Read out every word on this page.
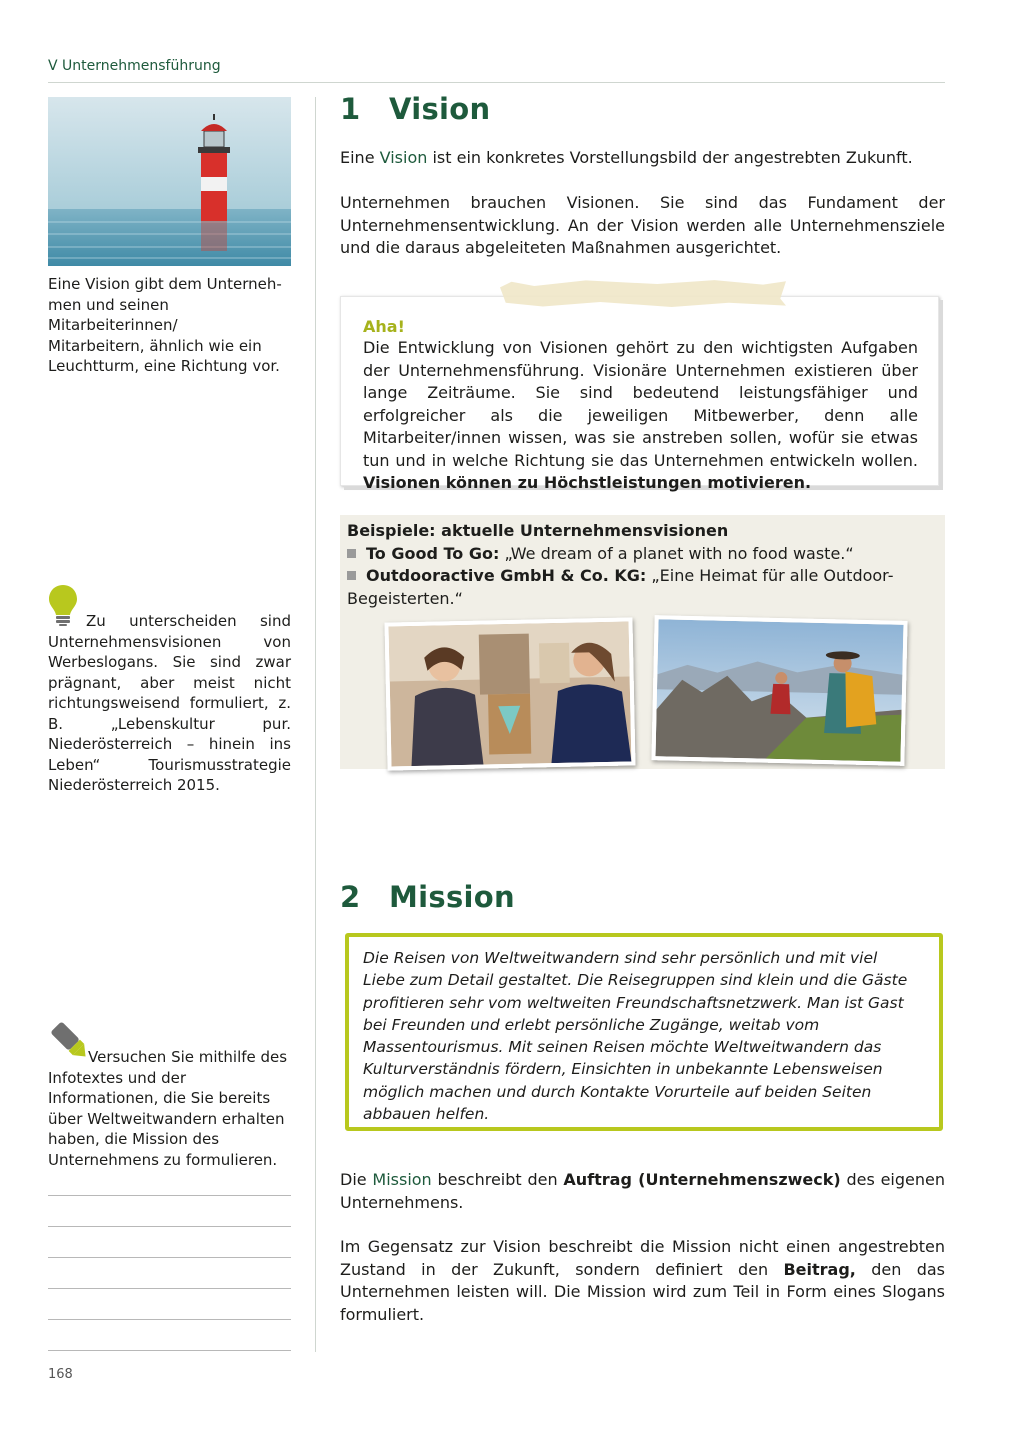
V Unternehmensführung
Eine Vision gibt dem Unterneh-
men und seinen Mitarbeiterinnen/
Mitarbeitern, ähnlich wie ein
Leuchtturm, eine Richtung vor.
Zu unterscheiden sind Unternehmensvisionen von Werbeslogans. Sie sind zwar prägnant, aber meist nicht richtungsweisend formuliert, z. B. „Lebenskultur pur. Niederösterreich – hinein ins Leben“ Tourismusstrategie Niederösterreich 2015.
Versuchen Sie mithilfe des Infotextes und der Informationen, die Sie bereits über Weltweitwandern erhalten haben, die Mission des Unternehmens zu formulieren.
1 Vision
Eine Vision ist ein konkretes Vorstellungsbild der angestrebten Zukunft.
Unternehmen brauchen Visionen. Sie sind das Fundament der Unternehmensentwicklung. An der Vision werden alle Unternehmensziele und die daraus abgeleiteten Maßnahmen ausgerichtet.
Aha!
Die Entwicklung von Visionen gehört zu den wichtigsten Aufgaben der Unternehmensführung. Visionäre Unternehmen existieren über lange Zeiträume. Sie sind bedeutend leistungsfähiger und erfolgreicher als die jeweiligen Mitbewerber, denn alle Mitarbeiter/innen wissen, was sie anstreben sollen, wofür sie etwas tun und in welche Richtung sie das Unternehmen entwickeln wollen. Visionen können zu Höchstleistungen motivieren.
Beispiele: aktuelle Unternehmensvisionen
To Good To Go: „We dream of a planet with no food waste.“
Outdooractive GmbH & Co. KG: „Eine Heimat für alle Outdoor-Begeisterten.“
2 Mission
Die Reisen von Weltweitwandern sind sehr persönlich und mit viel Liebe zum Detail gestaltet. Die Reisegruppen sind klein und die Gäste profitieren sehr vom weltweiten Freundschaftsnetzwerk. Man ist Gast bei Freunden und erlebt persönliche Zugänge, weitab vom Massentourismus. Mit seinen Reisen möchte Weltweitwandern das Kulturverständnis fördern, Einsichten in unbekannte Lebensweisen möglich machen und durch Kontakte Vorurteile auf beiden Seiten abbauen helfen.
Die Mission beschreibt den Auftrag (Unternehmenszweck) des eigenen Unternehmens.
Im Gegensatz zur Vision beschreibt die Mission nicht einen angestrebten Zustand in der Zukunft, sondern definiert den Beitrag, den das Unternehmen leisten will. Die Mission wird zum Teil in Form eines Slogans formuliert.
168
